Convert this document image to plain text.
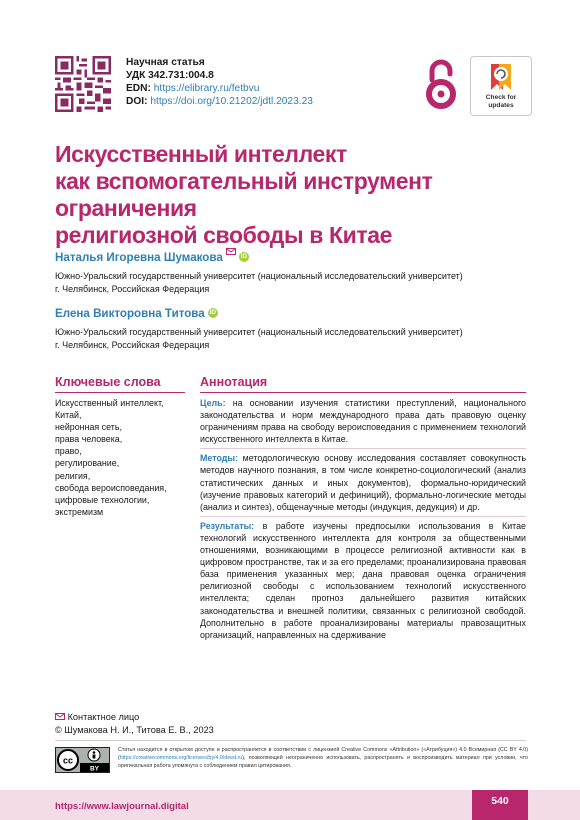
Научная статья
УДК 342.731:004.8
EDN: https://elibrary.ru/fetbvu
DOI: https://doi.org/10.21202/jdtl.2023.23	Check for
updates
Искусственный интеллект
как вспомогательный инструмент ограничения
религиозной свободы в Китае
Наталья Игоревна Шумакова	iD
Южно-Уральский государственный университет (национальный исследовательский университет)
г. Челябинск, Российская Федерация
Елена Викторовна Титова iD
Южно-Уральский государственный университет (национальный исследовательский университет)
г. Челябинск, Российская Федерация
Ключевые слова
Искусственный интеллект,
Китай,
нейронная сеть,
права человека,
право,
регулирование,
религия,
свобода вероисповедания,
цифровые технологии,
экстремизм
Аннотация

Цель: на основании изучения статистики преступлений, национального законодательства и норм международного права дать правовую оценку ограничениям права на свободу вероисповедания с применением технологий искусственного интеллекта в Китае.

Методы: методологическую основу исследования составляет совокупность методов научного познания, в том числе конкретно-социологический (анализ статистических данных и иных документов), формально-юридический (изучение правовых категорий и дефиниций), формально-логические методы (анализ и синтез), общенаучные методы (индукция, дедукция) и др.

Результаты: в работе изучены предпосылки использования в Китае технологий искусственного интеллекта для контроля за общественными отношениями, возникающими в процессе религиозной активности как в цифровом пространстве, так и за его пределами; проанализирована правовая база применения указанных мер; дана правовая оценка ограничения религиозной свободы с использованием технологий искусственного интеллекта; сделан прогноз дальнейшего развития китайских законодательства и внешней политики, связанных с религиозной свободой. Дополнительно в работе проанализированы материалы правозащитных организаций, направленных на сдерживание

Контактное лицо
© Шумакова Н. И., Титова Е. В., 2023
cc
BY
Статья находится в открытом доступе и распространяется в соответствии с лицензией Creative Commons «Attribution» («Атрибуция») 4.0 Всемирная (CC BY 4.0) (https://creativecommons.org/licenses/by/4.0/deed.ru), позволяющей неограниченно использовать, распространять и воспроизводить материал при условии, что оригинальная работа упомянута с соблюдением правил цитирования.
https://www.lawjournal.digital	540
